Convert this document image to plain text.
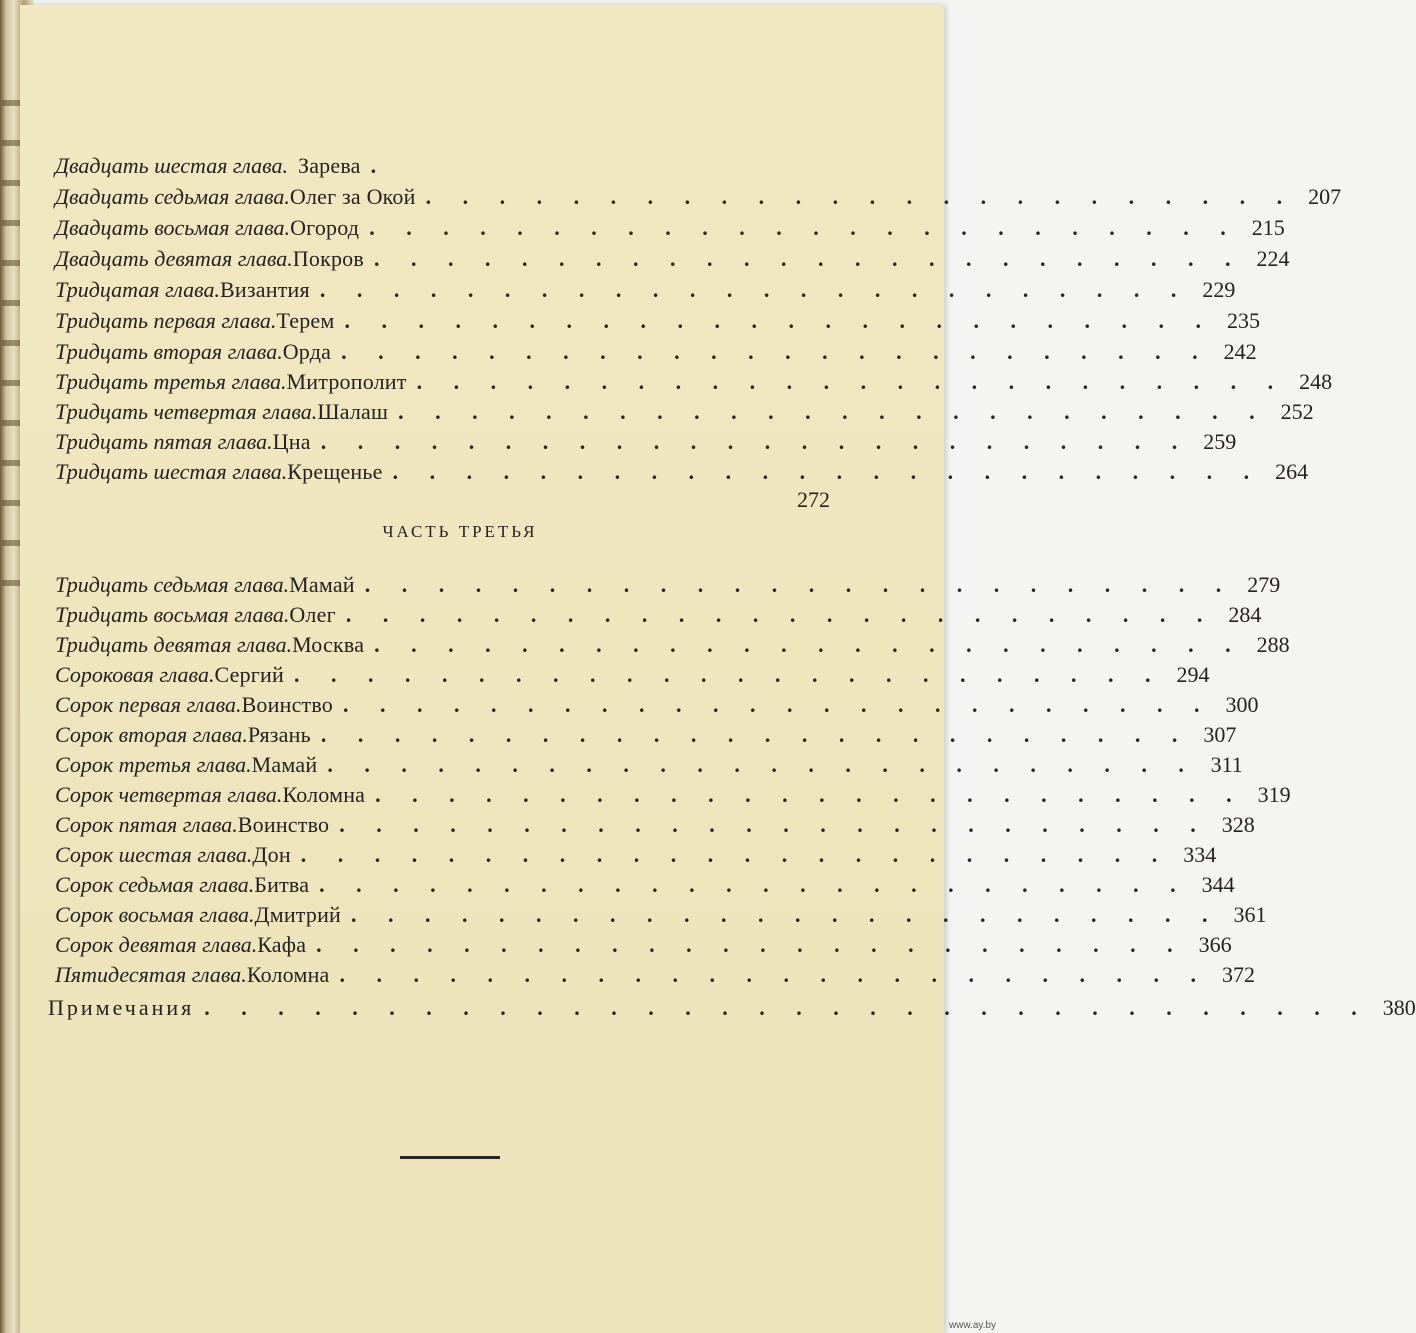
Двадцать шестая глава. Зарева .
Двадцать седьмая глава. Олег за Окой . . . . . . . . . . . . . . . . . . . . . . . . 207
Двадцать восьмая глава. Огород . . . . . . . . . . . . . . . . . . . . . . . . 215
Двадцать девятая глава. Покров . . . . . . . . . . . . . . . . . . . . . . . . 224
Тридцатая глава. Византия . . . . . . . . . . . . . . . . . . . . . . . . 229
Тридцать первая глава. Терем . . . . . . . . . . . . . . . . . . . . . . . . 235
Тридцать вторая глава. Орда . . . . . . . . . . . . . . . . . . . . . . . . 242
Тридцать третья глава. Митрополит . . . . . . . . . . . . . . . . . . . . . . . . 248
Тридцать четвертая глава. Шалаш . . . . . . . . . . . . . . . . . . . . . . . . 252
Тридцать пятая глава. Цна . . . . . . . . . . . . . . . . . . . . . . . . 259
Тридцать шестая глава. Крещенье . . . . . . . . . . . . . . . . . . . . . . . . 264
272
ЧАСТЬ ТРЕТЬЯ
Тридцать седьмая глава. Мамай . . . . . . . . . . . . . . . . . . . . . . . . 279
Тридцать восьмая глава. Олег . . . . . . . . . . . . . . . . . . . . . . . . 284
Тридцать девятая глава. Москва . . . . . . . . . . . . . . . . . . . . . . . . 288
Сороковая глава. Сергий . . . . . . . . . . . . . . . . . . . . . . . . 294
Сорок первая глава. Воинство . . . . . . . . . . . . . . . . . . . . . . . . 300
Сорок вторая глава. Рязань . . . . . . . . . . . . . . . . . . . . . . . . 307
Сорок третья глава. Мамай . . . . . . . . . . . . . . . . . . . . . . . . 311
Сорок четвертая глава. Коломна . . . . . . . . . . . . . . . . . . . . . . . . 319
Сорок пятая глава. Воинство . . . . . . . . . . . . . . . . . . . . . . . . 328
Сорок шестая глава. Дон . . . . . . . . . . . . . . . . . . . . . . . . 334
Сорок седьмая глава. Битва . . . . . . . . . . . . . . . . . . . . . . . . 344
Сорок восьмая глава. Дмитрий . . . . . . . . . . . . . . . . . . . . . . . . 361
Сорок девятая глава. Кафа . . . . . . . . . . . . . . . . . . . . . . . . 366
Пятидесятая глава. Коломна . . . . . . . . . . . . . . . . . . . . . . . . 372
Примечания . . . . . . . . . . . . . . . . . . . . . . . . . . . . . . . . 380
www.ay.by
